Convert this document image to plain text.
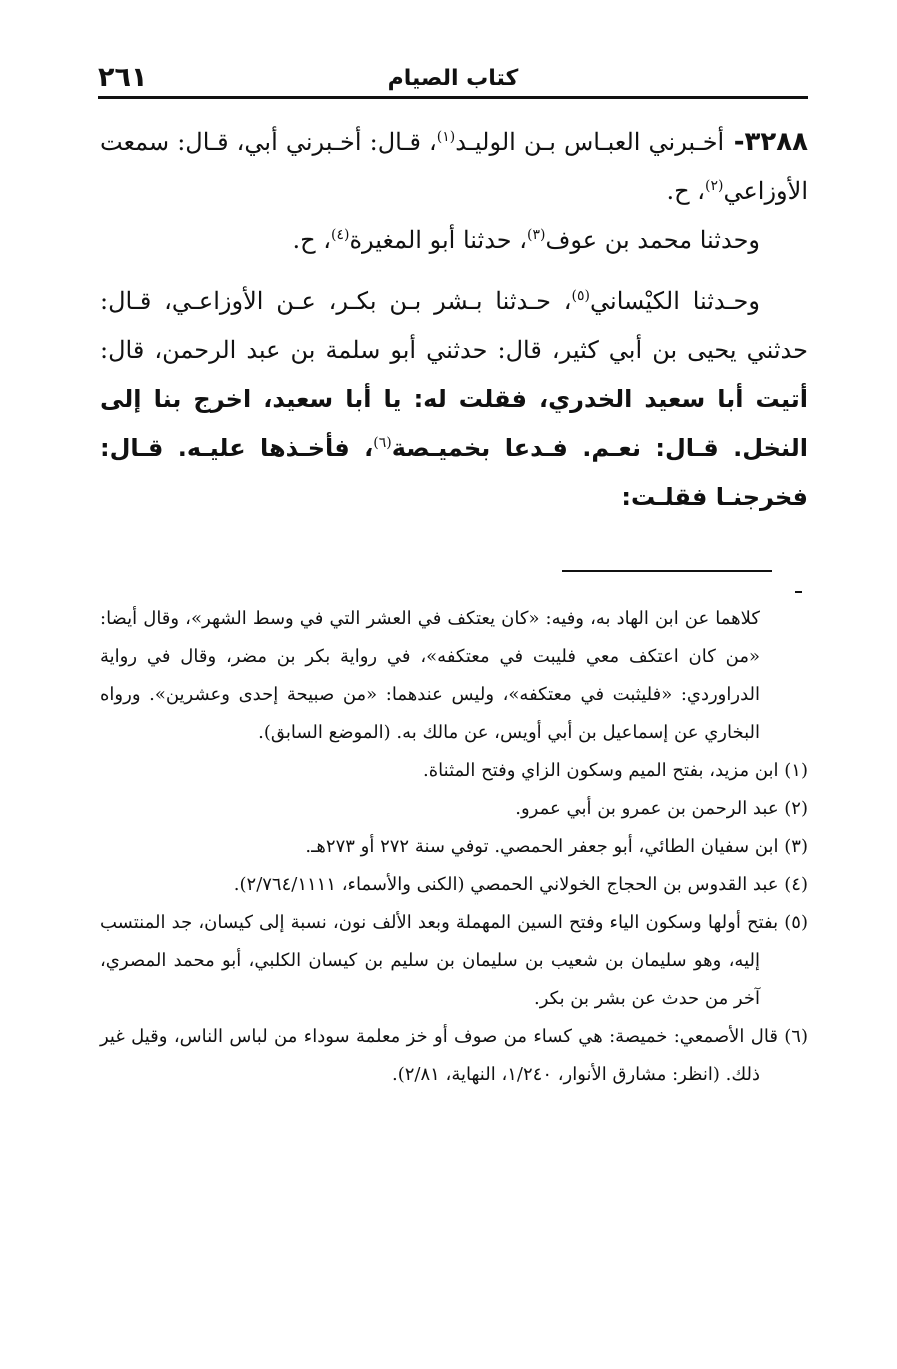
٢٦١	كتاب الصيام

٣٢٨٨- أخـبرني العبـاس بـن الوليـد$^{(١)}$، قـال: أخـبرني أبي، قـال: سمعت الأوزاعي$^{(٢)}$، ح.

وحدثنا محمد بن عوف$^{(٣)}$، حدثنا أبو المغيرة$^{(٤)}$، ح.

وحـدثنا الكيْساني$^{(٥)}$، حـدثنا بـشر بـن بكـر، عـن الأوزاعـي، قـال: حدثني يحيى بن أبي كثير، قال: حدثني أبو سلمة بن عبد الرحمن، قال: أتيت أبا سعيد الخدري، فقلت له: يا أبا سعيد، اخرج بنا إلى النخل. قـال: نعـم. فـدعا بخميـصة$^{(٦)}$، فأخـذها عليـه. قـال: فخرجنـا فقلـت:

كلاهما عن ابن الهاد به، وفيه: «كان يعتكف في العشر التي في وسط الشهر»، وقال أيضا: «من كان اعتكف معي فليبت في معتكفه»، في رواية بكر بن مضر، وقال في رواية الدراوردي: «فليثبت في معتكفه»، وليس عندهما: «من صبيحة إحدى وعشرين». ورواه البخاري عن إسماعيل بن أبي أويس، عن مالك به. (الموضع السابق).

(١) ابن مزيد، بفتح الميم وسكون الزاي وفتح المثناة.

(٢) عبد الرحمن بن عمرو بن أبي عمرو.

(٣) ابن سفيان الطائي، أبو جعفر الحمصي. توفي سنة ٢٧٢ أو ٢٧٣هـ.

(٤) عبد القدوس بن الحجاج الخولاني الحمصي (الكنى والأسماء، ٢/٧٦٤/١١١١).

(٥) بفتح أولها وسكون الياء وفتح السين المهملة وبعد الألف نون، نسبة إلى كيسان، جد المنتسب إليه، وهو سليمان بن شعيب بن سليمان بن سليم بن كيسان الكلبي، أبو محمد المصري، آخر من حدث عن بشر بن بكر.

(٦) قال الأصمعي: خميصة: هي كساء من صوف أو خز معلمة سوداء من لباس الناس، وقيل غير ذلك. (انظر: مشارق الأنوار، ١/٢٤٠، النهاية، ٢/٨١).
